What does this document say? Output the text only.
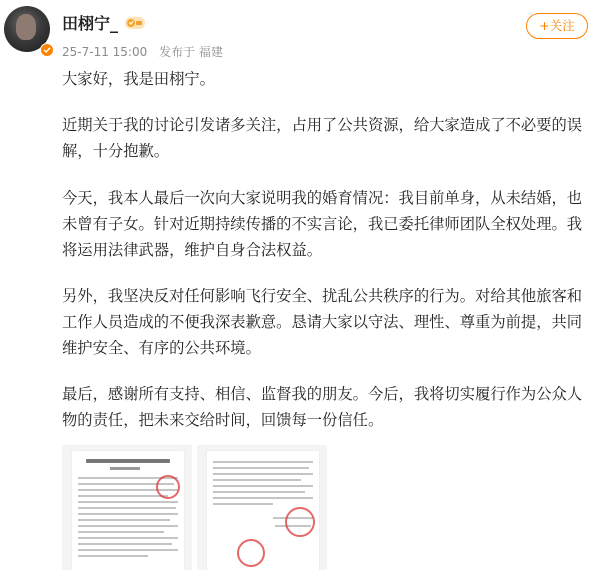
田栩宁_
25-7-11 15:00 发布于 福建
+关注

大家好，我是田栩宁。

近期关于我的讨论引发诸多关注，占用了公共资源，给大家造成了不必要的误解，十分抱歉。

今天，我本人最后一次向大家说明我的婚育情况：我目前单身，从未结婚，也未曾有子女。针对近期持续传播的不实言论，我已委托律师团队全权处理。我将运用法律武器，维护自身合法权益。

另外，我坚决反对任何影响飞行安全、扰乱公共秩序的行为。对给其他旅客和工作人员造成的不便我深表歉意。恳请大家以守法、理性、尊重为前提，共同维护安全、有序的公共环境。

最后，感谢所有支持、相信、监督我的朋友。今后，我将切实履行作为公众人物的责任，把未来交给时间，回馈每一份信任。
